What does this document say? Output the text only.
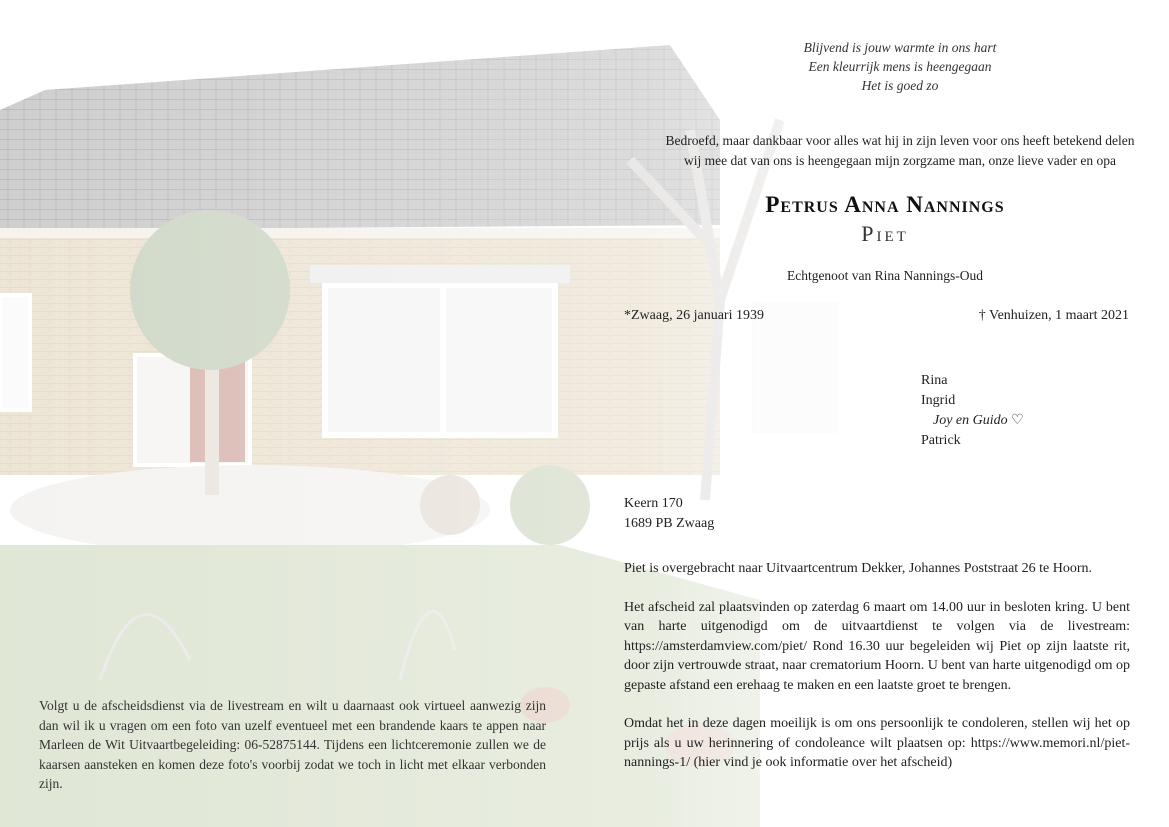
Blijvend is jouw warmte in ons hart
Een kleurrijk mens is heengegaan
Het is goed zo
Bedroefd, maar dankbaar voor alles wat hij in zijn leven voor ons heeft betekend delen
wij mee dat van ons is heengegaan mijn zorgzame man, onze lieve vader en opa
Petrus Anna Nannings
Piet
Echtgenoot van Rina Nannings-Oud
*Zwaag, 26 januari 1939	† Venhuizen, 1 maart 2021
Rina
Ingrid
Joy en Guido ♡
Patrick
Keern 170
1689 PB Zwaag

Piet is overgebracht naar Uitvaartcentrum Dekker, Johannes Poststraat 26 te Hoorn.

Het afscheid zal plaatsvinden op zaterdag 6 maart om 14.00 uur in besloten kring. U bent van harte uitgenodigd om de uitvaartdienst te volgen via de livestream: https://amsterdamview.com/piet/ Rond 16.30 uur begeleiden wij Piet op zijn laatste rit, door zijn vertrouwde straat, naar crematorium Hoorn. U bent van harte uitgenodigd om op gepaste afstand een erehaag te maken en een laatste groet te brengen.

Omdat het in deze dagen moeilijk is om ons persoonlijk te condoleren, stellen wij het op prijs als u uw herinnering of condoleance wilt plaatsen op: https://www.memori.nl/piet-nannings-1/ (hier vind je ook informatie over het afscheid)

Volgt u de afscheidsdienst via de livestream en wilt u daarnaast ook virtueel aanwezig zijn dan wil ik u vragen om een foto van uzelf eventueel met een brandende kaars te appen naar Marleen de Wit Uitvaartbegeleiding: 06-52875144. Tijdens een lichtceremonie zullen we de kaarsen aansteken en komen deze foto's voorbij zodat we toch in licht met elkaar verbonden zijn.
